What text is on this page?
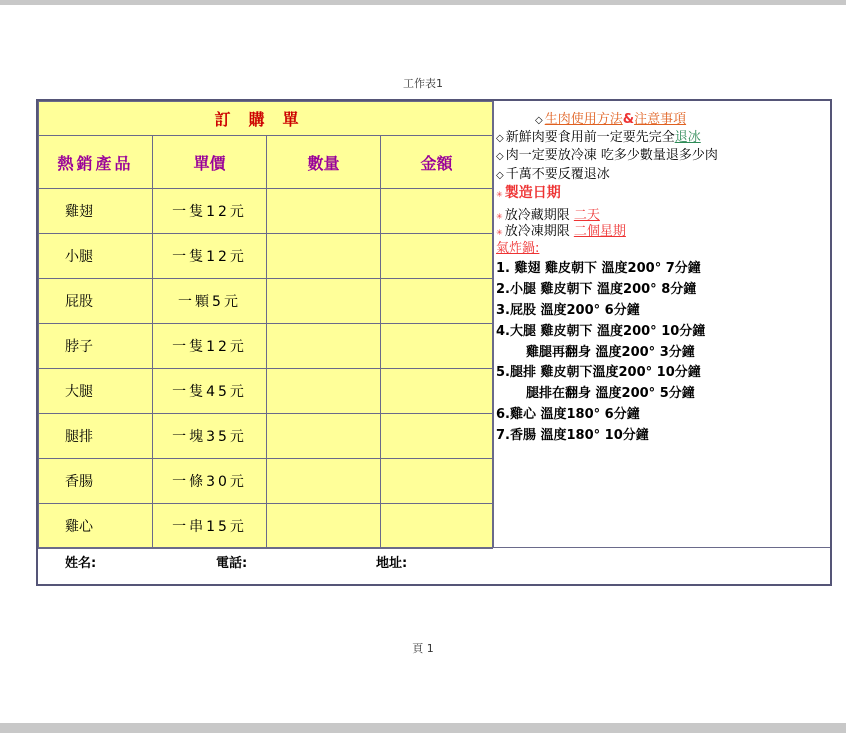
工作表1
訂購單			
熱銷產品	單價	數量	金額
雞翅	一隻12元		
小腿	一隻12元		
屁股	一顆5元		
脖子	一隻12元		
大腿	一隻45元		
腿排	一塊35元		
香腸	一條30元		
雞心	一串15元		
◇ 生肉使用方法&注意事項
◇ 新鮮肉要食用前一定要先完全退冰
◇ 肉一定要放冷凍 吃多少數量退多少肉
◇ 千萬不要反覆退冰
✳ 製造日期
✳ 放冷藏期限 二天
✳ 放冷凍期限 二個星期
氣炸鍋:
1. 雞翅 雞皮朝下 溫度200° 7分鐘
2.小腿 雞皮朝下 溫度200° 8分鐘
3.屁股 溫度200° 6分鐘
4.大腿 雞皮朝下 溫度200° 10分鐘
雞腿再翻身 溫度200° 3分鐘
5.腿排 雞皮朝下溫度200° 10分鐘
腿排在翻身 溫度200° 5分鐘
6.雞心 溫度180° 6分鐘
7.香腸 溫度180° 10分鐘
姓名:	電話:	地址:
頁 1
